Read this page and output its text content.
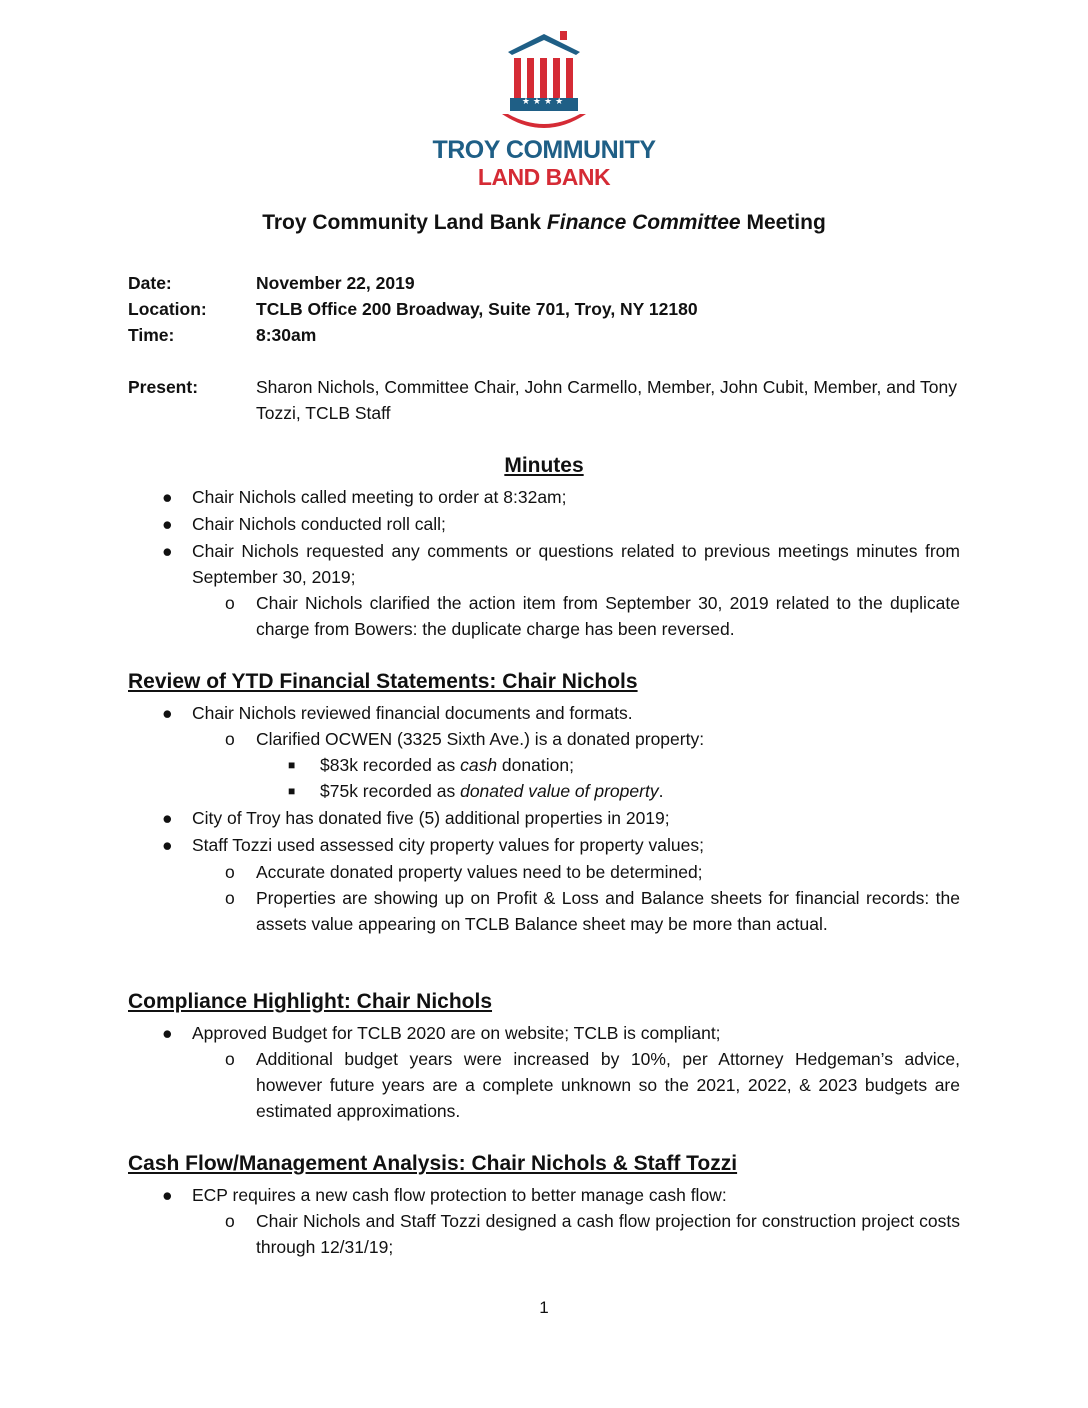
★★★★
TROY COMMUNITY
LAND BANK
Troy Community Land Bank Finance Committee Meeting
Date:	November 22, 2019
Location:	TCLB Office 200 Broadway, Suite 701, Troy, NY 12180
Time:	8:30am
Present:	Sharon Nichols, Committee Chair, John Carmello, Member, John Cubit, Member, and Tony Tozzi, TCLB Staff
Minutes
● Chair Nichols called meeting to order at 8:32am;
● Chair Nichols conducted roll call;
● Chair Nichols requested any comments or questions related to previous meetings minutes from September 30, 2019;
o Chair Nichols clarified the action item from September 30, 2019 related to the duplicate charge from Bowers: the duplicate charge has been reversed.
Review of YTD Financial Statements: Chair Nichols
● Chair Nichols reviewed financial documents and formats.
o Clarified OCWEN (3325 Sixth Ave.) is a donated property:
■ $83k recorded as cash donation;
■ $75k recorded as donated value of property.
● City of Troy has donated five (5) additional properties in 2019;
● Staff Tozzi used assessed city property values for property values;
o Accurate donated property values need to be determined;
o Properties are showing up on Profit & Loss and Balance sheets for financial records: the assets value appearing on TCLB Balance sheet may be more than actual.
Compliance Highlight: Chair Nichols
● Approved Budget for TCLB 2020 are on website; TCLB is compliant;
o Additional budget years were increased by 10%, per Attorney Hedgeman’s advice, however future years are a complete unknown so the 2021, 2022, & 2023 budgets are estimated approximations.
Cash Flow/Management Analysis: Chair Nichols & Staff Tozzi
● ECP requires a new cash flow protection to better manage cash flow:
o Chair Nichols and Staff Tozzi designed a cash flow projection for construction project costs through 12/31/19;
1
